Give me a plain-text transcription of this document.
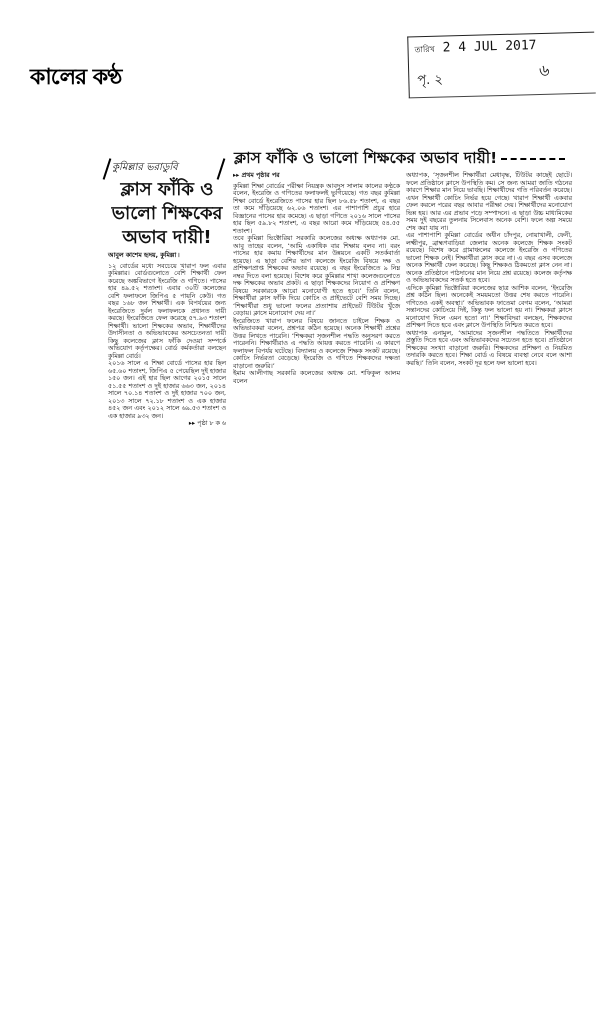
কালের কণ্ঠ
তারিখ 2 4 JUL 2017
পৃ. ২
৬
ক্লাস ফাঁকি ও ভালো শিক্ষকের অভাব দায়ী!
কুমিল্লার ভরাডুবি
ক্লাস ফাঁকি ও ভালো শিক্ষকের অভাব দায়ী!

আবুল কাশেম হৃদয়, কুমিল্লা ৷

১২ বোর্ডের মধ্যে সবচেয়ে খারাপ ফল এবার কুমিল্লার। বোর্ডগুলোতে বেশি শিক্ষার্থী ফেল করেছে অঙ্কবিভাগে ইংরেজি ও গণিতে। পাসের হার ৪৯.৫২ শতাংশ। এবার ৩০টি কলেজের বেশি ফলাফলে জিপিএ ৫ পায়নি কেউ। গত বছর ১৬৮ জন শিক্ষার্থী। এক বিপর্যয়ের জন্য ইংরেজিতে দুর্বল ফলাফলকে প্রধানত দায়ী করছে। ইংরেজিতে ফেল করেছে ৫৭.৯৩ শতাংশ শিক্ষার্থী। ভালো শিক্ষকের অভাব, শিক্ষার্থীদের উদাসীনতা ও অভিভাবকের অসচেতনতা দায়ী কিছু কলেজের ক্লাস ফাঁকি দেওয়া সম্পর্কে অভিযোগ কর্তৃপক্ষের। বোর্ড কর্মকর্তারা বলছেন কুমিল্লা বোর্ড।

২০১৬ সালে এ শিক্ষা বোর্ডে পাসের হার ছিল ৬৫.৬০ শতাংশ, জিপিএ ৫ পেয়েছিল দুই হাজার ১৫০ জন। এই হার ছিল আগের ২০১৫ সালে ৫১.৫৫ শতাংশ ও দুই হাজার ৬৬৩ জন, ২০১৪ সালে ৭০.১৪ শতাংশ ও দুই হাজার ৭০০ জন, ২০১৩ সালে ৭২.১৮ শতাংশ ও এক হাজার ৪৫২ জন এবং ২০১২ সালে ৬৯.৫৩ শতাংশ ও এক হাজার ৯৩২ জন।

▸▸ পৃষ্ঠা ৮ ক ৬

▸▸ প্রথম পৃষ্ঠার পর

কুমিল্লা শিক্ষা বোর্ডের পরীক্ষা নিয়ন্ত্রক আবদুস সালাম কালের কণ্ঠকে বলেন, ইংরেজি ও গণিতের ফলাফলই ভুগিয়েছে। গত বছর কুমিল্লা শিক্ষা বোর্ডে ইংরেজিতে পাসের হার ছিল ৮৬.৫৮ শতাংশ, এ বছর তা কমে দাঁড়িয়েছে ৬২.০৬ শতাংশ। এর পাশাপাশি প্রচুর হারে বিজ্ঞানের পাসের হার কমেছে। এ ছাড়া গণিতে ২০১৬ সালে পাসের হার ছিল ৫৯.৮২ শতাংশ, এ বছর আরো কমে দাঁড়িয়েছে ৫৪.৫৫ শতাংশ।

তবে কুমিল্লা ভিক্টোরিয়া সরকারি কলেজের অধ্যক্ষ অধ্যাপক মো. আবু তাহের বলেন, ‘আমি একাধিক বার শিক্ষায় বলব না। বরং পাসের হার কমায় শিক্ষার্থীদের মান উন্নয়নে একটি সতর্কবার্তা হয়েছে। এ ছাড়া বেশির ভাগ কলেজে ইংরেজি বিষয়ে দক্ষ ও প্রশিক্ষণপ্রাপ্ত শিক্ষকের অভাব রয়েছে। এ বছর ইংরেজিতে ৯ নিম্ন নম্বর দিতে বলা হয়েছে। বিশেষ করে কুমিল্লার শাখা কলেজগুলোতে দক্ষ শিক্ষকের অভাব প্রকট। এ ছাড়া শিক্ষকদের নিয়োগ ও প্রশিক্ষণ বিষয়ে সরকারকে আরো মনোযোগী হতে হবে।’ তিনি বলেন, শিক্ষার্থীরা ক্লাস ফাঁকি দিয়ে কোচিং ও প্রাইভেটে বেশি সময় দিচ্ছে। ‘শিক্ষার্থীরা শুধু ভালো ফলের প্রত্যাশায় প্রাইভেট টিউটর খুঁজে বেড়ায়। ক্লাসে মনোযোগ দেয় না।’

ইংরেজিতে খারাপ ফলের বিষয়ে জানতে চাইলে শিক্ষক ও অভিভাবকরা বলেন, প্রশ্নপত্র কঠিন হয়েছে। অনেক শিক্ষার্থী প্রশ্নের উত্তর লিখতে পারেনি। ‘শিক্ষকরা সৃজনশীল পদ্ধতি অনুসরণ করতে পারেননি। শিক্ষার্থীরাও এ পদ্ধতি আয়ত্ত করতে পারেনি। এ কারণে ফলাফল বিপর্যয় ঘটেছে। বিদ্যালয় ও কলেজে শিক্ষক সংকট রয়েছে। কোচিং নির্ভরতা বেড়েছে। ইংরেজি ও গণিতে শিক্ষকদের দক্ষতা বাড়ানো জরুরি।’

ইমাম আলীগাছ সরকারি কলেজের অধ্যক্ষ মো. শফিকুল আলম বলেন

অধ্যাপক, ‘সৃজনশীল শিক্ষার্থীরা মেধাবৃদ্ধ, টিউটর কাছেই ছোটে। ফলে প্রতিষ্ঠানে ক্লাসে উপস্থিতি কম। সে জন্য আমরা জাতি গঠনের কারণে শিক্ষার মান নিয়ে ভাবছি। শিক্ষার্থীদের গতি পরিবর্তন করেছে। এখন শিক্ষার্থী কোচিং নির্ভর হয়ে গেছে। খারাপ শিক্ষার্থী একবার ফেল করলে পরের বছর আবার পরীক্ষা দেয়। শিক্ষার্থীদের মনোযোগ ভিন্ন হয়। আর এর প্রভাব পড়ে সম্পাদনে। এ ছাড়া উচ্চ মাধ্যমিকের সময় দুই বছরের তুলনায় সিলেবাস অনেক বেশি। ফলে অল্প সময়ে শেষ করা যায় না।

এর পাশাপাশি কুমিল্লা বোর্ডের অধীন চাঁদপুর, নোয়াখালী, ফেনী, লক্ষ্মীপুর, ব্রাহ্মণবাড়িয়া জেলার অনেক কলেজে শিক্ষক সংকট রয়েছে। বিশেষ করে গ্রামাঞ্চলের কলেজে ইংরেজি ও গণিতের ভালো শিক্ষক নেই। শিক্ষার্থীরা ক্লাস করে না। এ বছর এসব কলেজে অনেক শিক্ষার্থী ফেল করেছে। কিছু শিক্ষকও ঠিকমতো ক্লাস নেন না। অনেক প্রতিষ্ঠানে পাঠদানের মান নিয়ে প্রশ্ন রয়েছে। কলেজ কর্তৃপক্ষ ও অভিভাবকদের সতর্ক হতে হবে।

এদিকে কুমিল্লা ভিক্টোরিয়া কলেজের ছাত্র আশিক বলেন, ‘ইংরেজি প্রশ্ন কঠিন ছিল। অনেকেই সময়মতো উত্তর শেষ করতে পারেনি। গণিতেও একই অবস্থা।’ অভিভাবক ফাতেমা বেগম বলেন, ‘আমরা সন্তানদের কোচিংয়ে দিই, কিন্তু ফল ভালো হয় না। শিক্ষকরা ক্লাসে মনোযোগ দিলে এমন হতো না।’ শিক্ষাবিদরা বলছেন, শিক্ষকদের প্রশিক্ষণ দিতে হবে এবং ক্লাসে উপস্থিতি নিশ্চিত করতে হবে।

অধ্যাপক এনামুল, ‘আমাদের সৃজনশীল পদ্ধতিতে শিক্ষার্থীদের প্রস্তুতি দিতে হবে এবং অভিভাবকদের সচেতন হতে হবে। প্রতিষ্ঠানে শিক্ষকের সংখ্যা বাড়ানো জরুরি। শিক্ষকদের প্রশিক্ষণ ও নিয়মিত তদারকি করতে হবে। শিক্ষা বোর্ড এ বিষয়ে ব্যবস্থা নেবে বলে আশা করছি।’ তিনি বলেন, সংকট দূর হলে ফল ভালো হবে।
